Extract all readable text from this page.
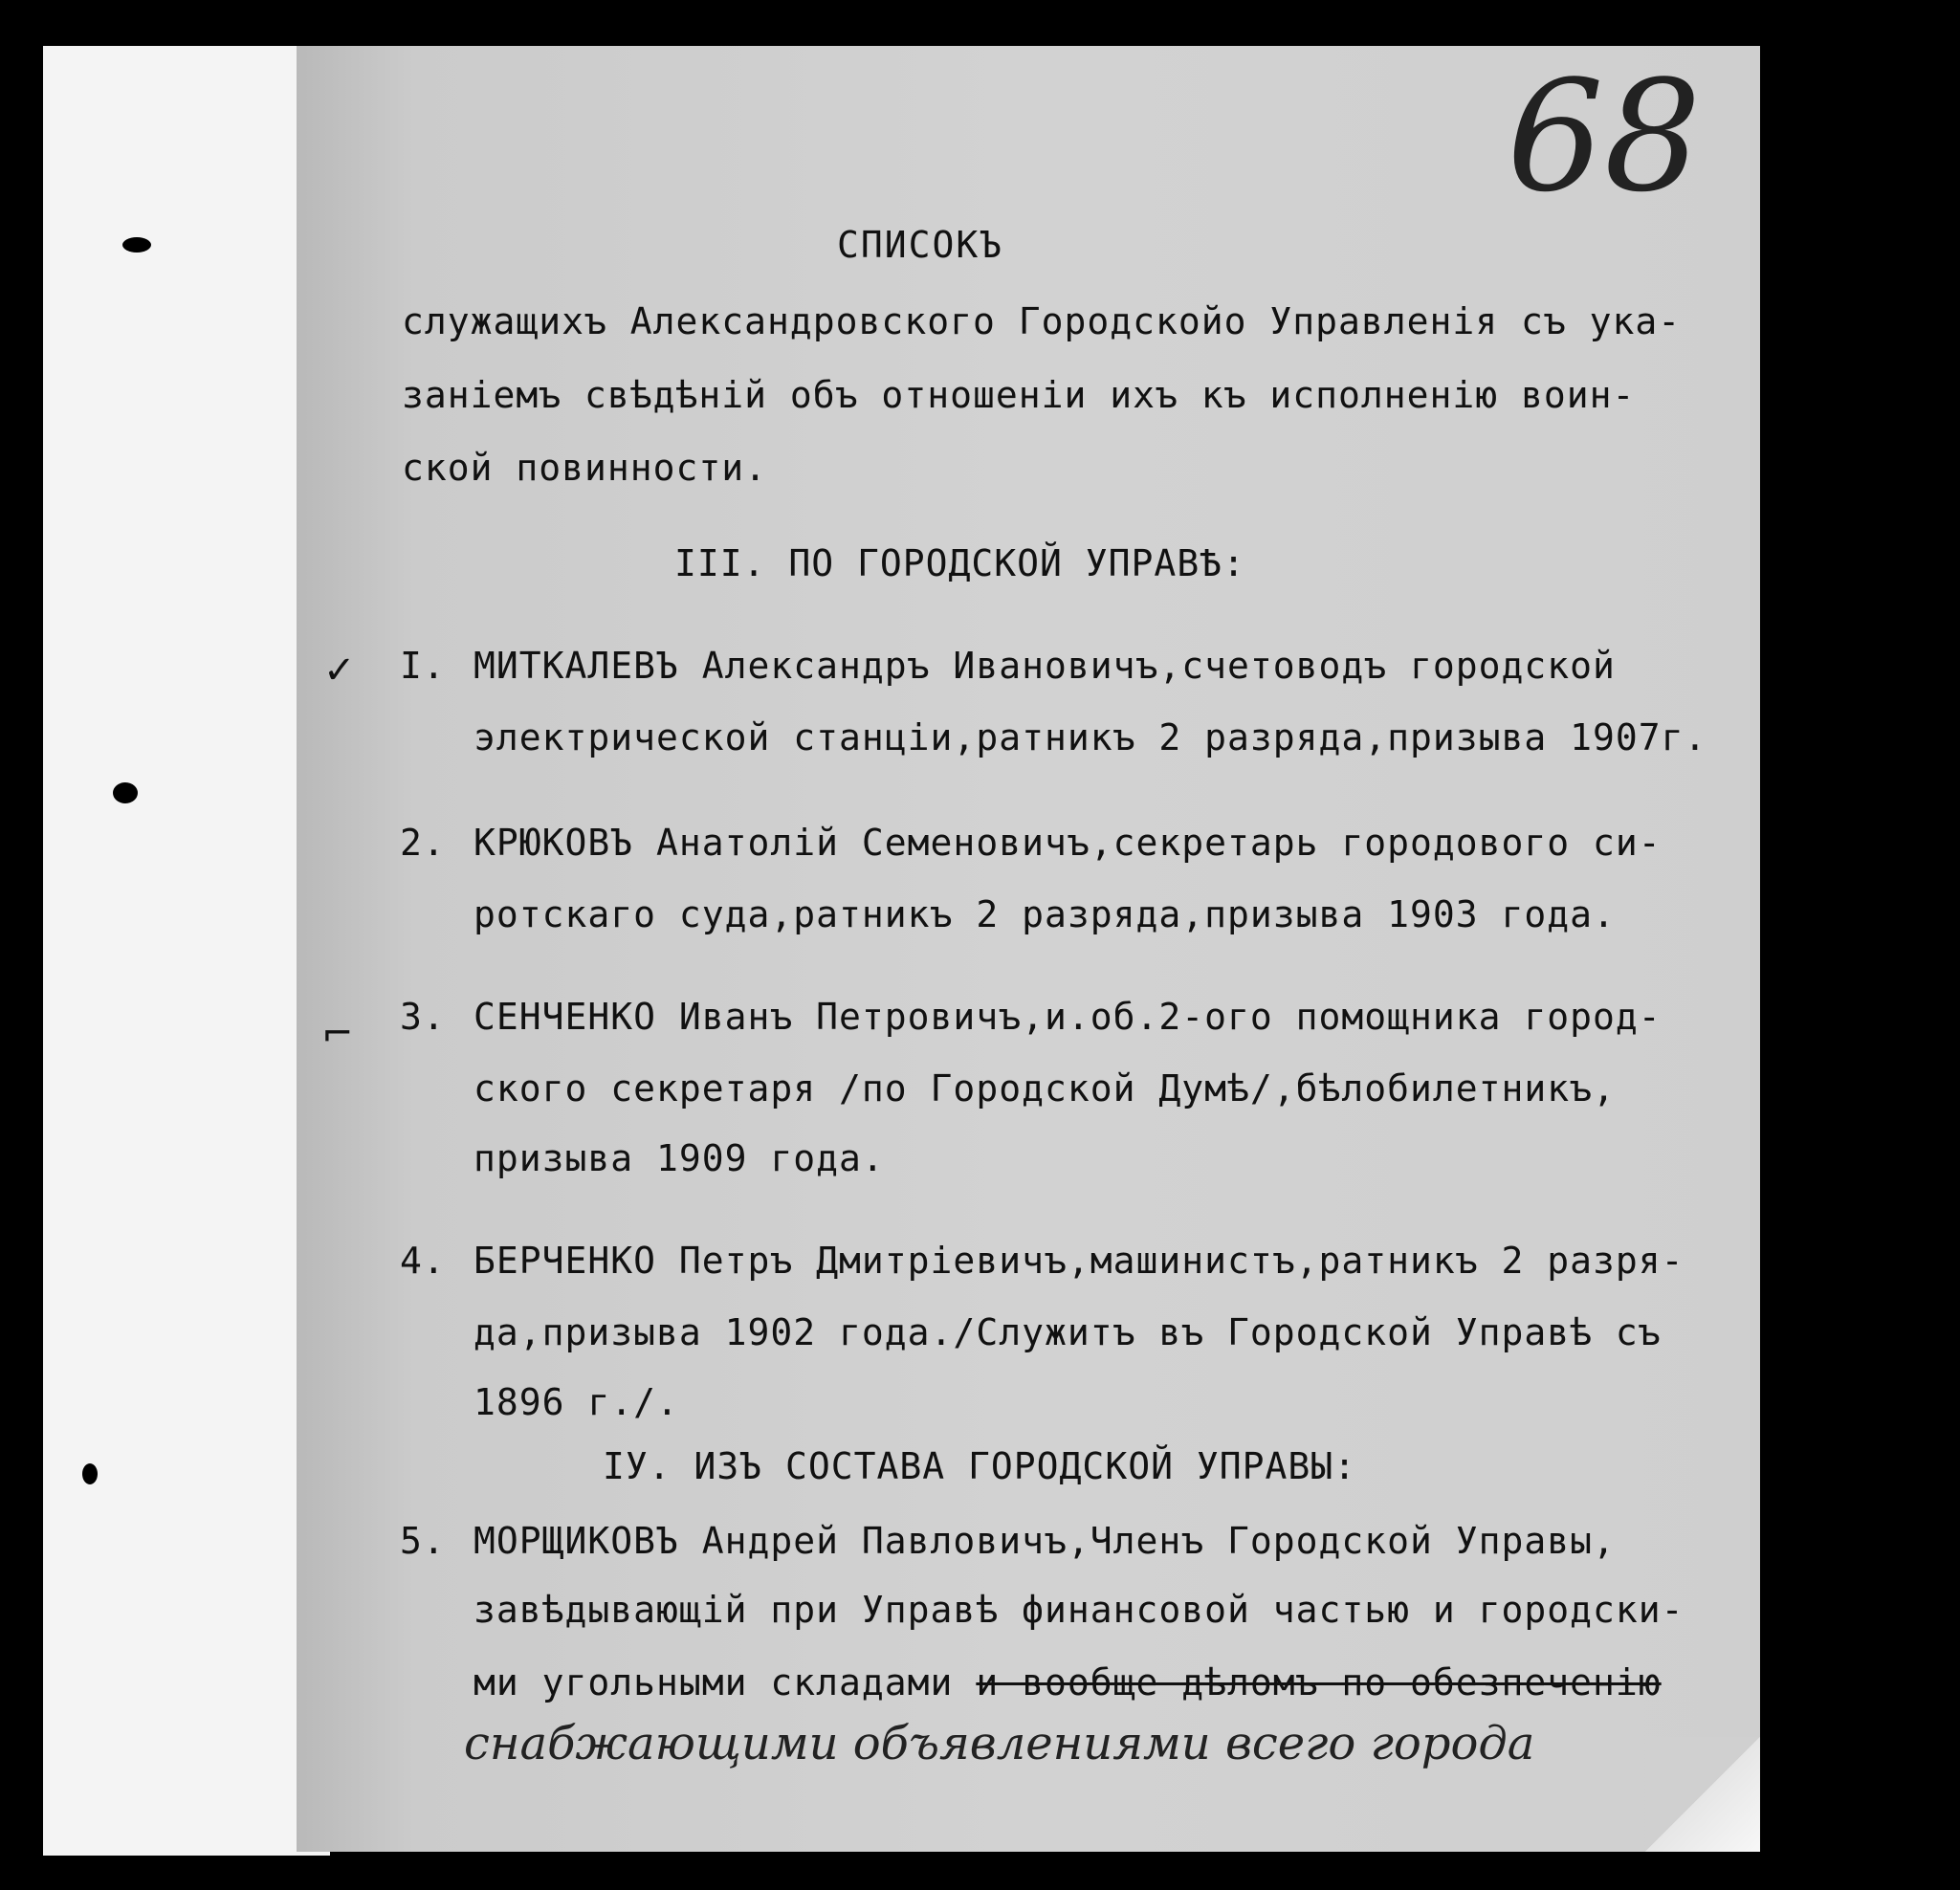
✓
⌐
68
СПИСОКЪ
служащихъ Александровского Городскойо Управленія съ ука-
заніемъ свѣдѣній объ отношеніи ихъ къ исполненію воин-
ской повинности.
III. ПО ГОРОДСКОЙ УПРАВѢ:
I. МИТКАЛЕВЪ Александръ Ивановичъ,счетоводъ городской
электрической станціи,ратникъ 2 разряда,призыва 1907г.
2. КРЮКОВЪ Анатолій Семеновичъ,секретарь городового си-
ротскаго суда,ратникъ 2 разряда,призыва 1903 года.
3. СЕНЧЕНКО Иванъ Петровичъ,и.об.2-ого помощника город-
ского секретаря /по Городской Думѣ/,бѣлобилетникъ,
призыва 1909 года.
4. БЕРЧЕНКО Петръ Дмитріевичъ,машинистъ,ратникъ 2 разря-
да,призыва 1902 года./Служитъ въ Городской Управѣ съ
1896 г./.
IУ. ИЗЪ СОСТАВА ГОРОДСКОЙ УПРАВЫ:
5. МОРЩИКОВЪ Андрей Павловичъ,Членъ Городской Управы,
завѣдывающій при Управѣ финансовой частью и городски-
ми угольными складами и вообще дѣломъ по обезпеченію
снабжающими объявлениями всего города
